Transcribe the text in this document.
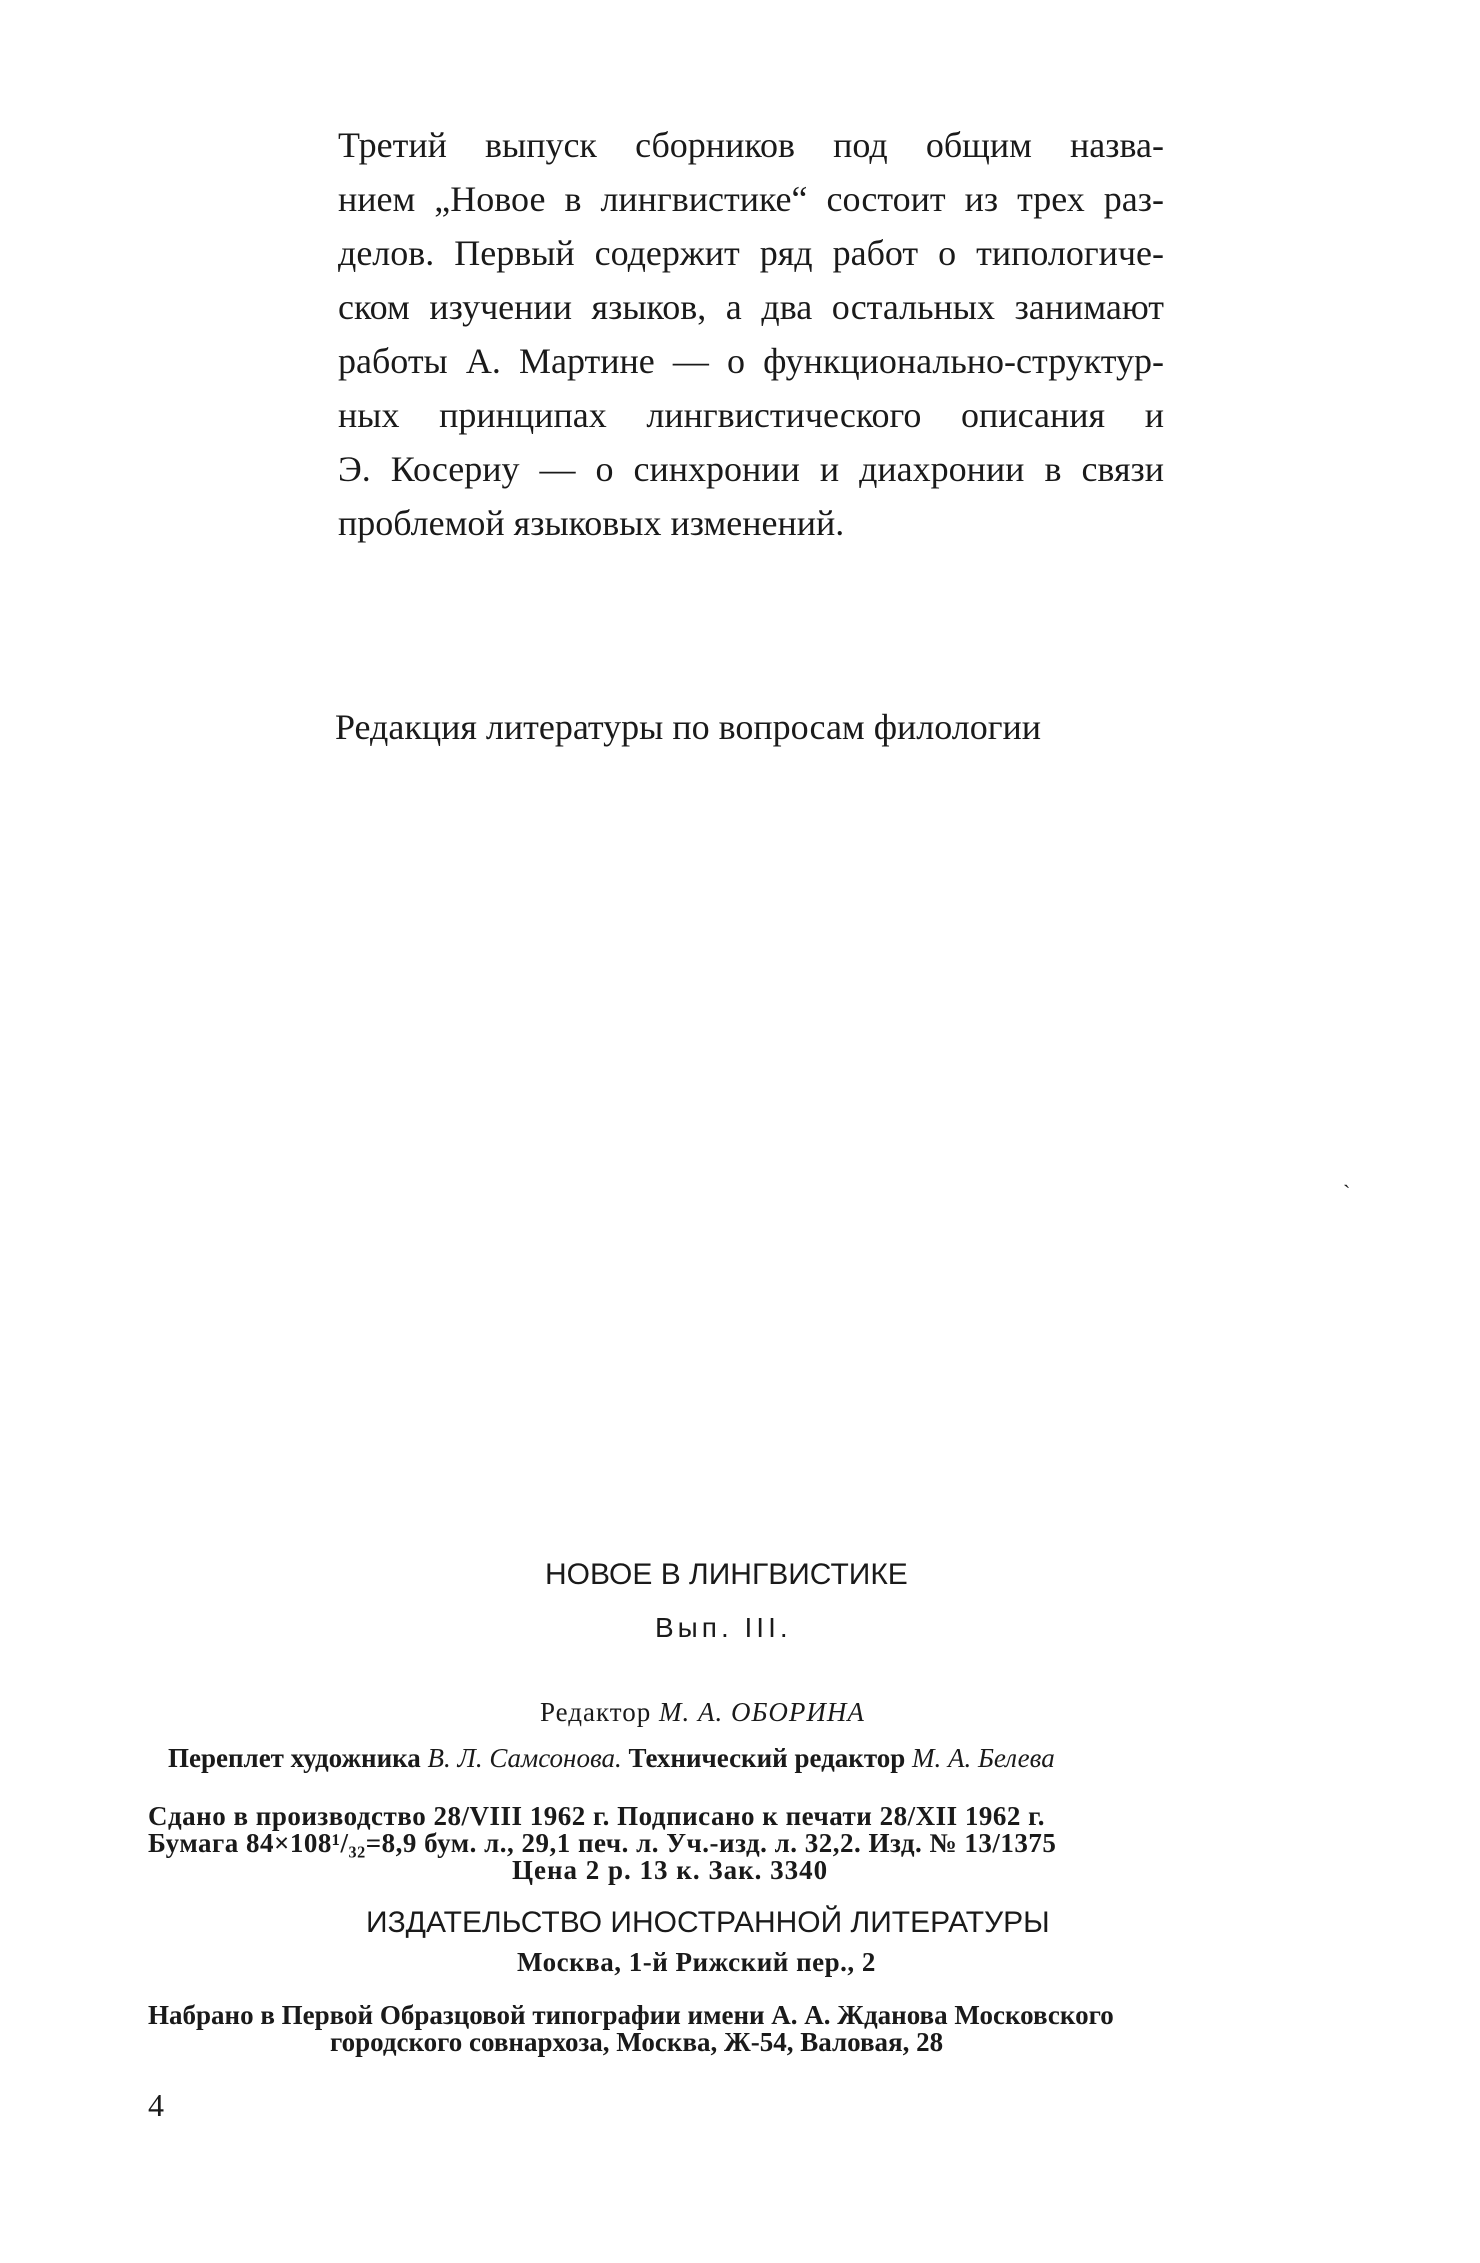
Третий выпуск сборников под общим назва-
нием „Новое в лингвистике“ состоит из трех раз-
делов. Первый содержит ряд работ о типологиче-
ском изучении языков, а два остальных занимают
работы А. Мартине — о функционально-структур-
ных принципах лингвистического описания и
Э. Косериу — о синхронии и диахронии в связи
проблемой языковых изменений.
Редакция литературы по вопросам филологии
ˎ
НОВОЕ В ЛИНГВИСТИКЕ
Вып. III.
Редактор М. А. ОБОРИНА
Переплет художника В. Л. Самсонова. Технический редактор М. А. Белева
Сдано в производство 28/VIII 1962 г. Подписано к печати 28/XII 1962 г.
Бумага 84×108¹/₃₂=8,9 бум. л., 29,1 печ. л. Уч.-изд. л. 32,2. Изд. № 13/1375
Цена 2 р. 13 к. Зак. 3340
ИЗДАТЕЛЬСТВО ИНОСТРАННОЙ ЛИТЕРАТУРЫ
Москва, 1-й Рижский пер., 2
Набрано в Первой Образцовой типографии имени А. А. Жданова Московского
городского совнархоза, Москва, Ж-54, Валовая, 28
4
